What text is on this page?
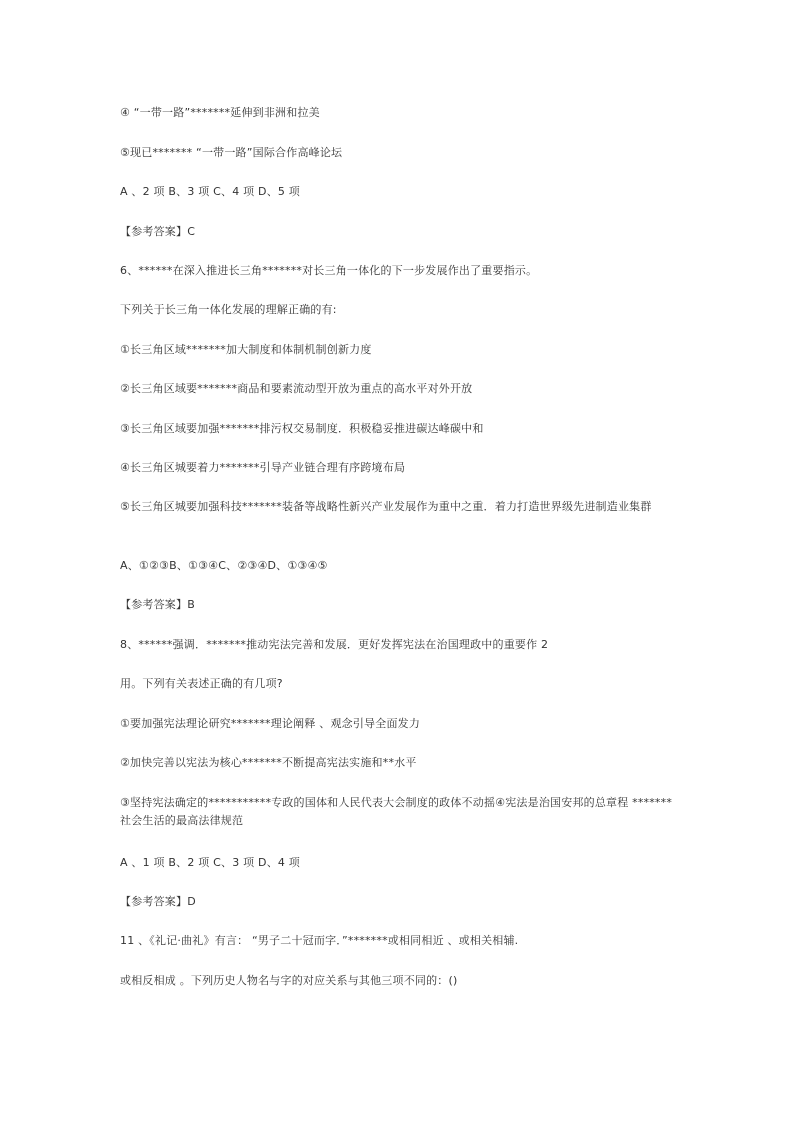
④ “一带一路”*******延伸到非洲和拉美
⑤现已******* “一带一路”国际合作高峰论坛
A 、2 项 B、3 项 C、4 项 D、5 项
【参考答案】C
6、******在深入推进长三角*******对长三角一体化的下一步发展作出了重要指示。
下列关于长三角一体化发展的理解正确的有:
①长三角区域*******加大制度和体制机制创新力度
②长三角区域要*******商品和要素流动型开放为重点的高水平对外开放
③长三角区域要加强*******排污权交易制度．积极稳妥推进碳达峰碳中和
④长三角区城要着力*******引导产业链合理有序跨境布局
⑤长三角区城要加强科技*******装备等战略性新兴产业发展作为重中之重．着力打造世界级先进制造业集群
A、①②③B、①③④C、②③④D、①③④⑤
【参考答案】B
8、******强调．*******推动宪法完善和发展．更好发挥宪法在治国理政中的重要作 2
用。下列有关表述正确的有几项?
①要加强宪法理论研究*******理论阐释 、观念引导全面发力
②加快完善以宪法为核心*******不断提高宪法实施和**水平
③坚持宪法确定的***********专政的国体和人民代表大会制度的政体不动摇④宪法是治国安邦的总章程 *******社会生活的最高法律规范
A 、1 项 B、2 项 C、3 项 D、4 项
【参考答案】D
11 、《礼记·曲礼》有言： “男子二十冠而字．”*******或相同相近 、或相关相辅.
或相反相成 。下列历史人物名与字的对应关系与其他三项不同的：()
